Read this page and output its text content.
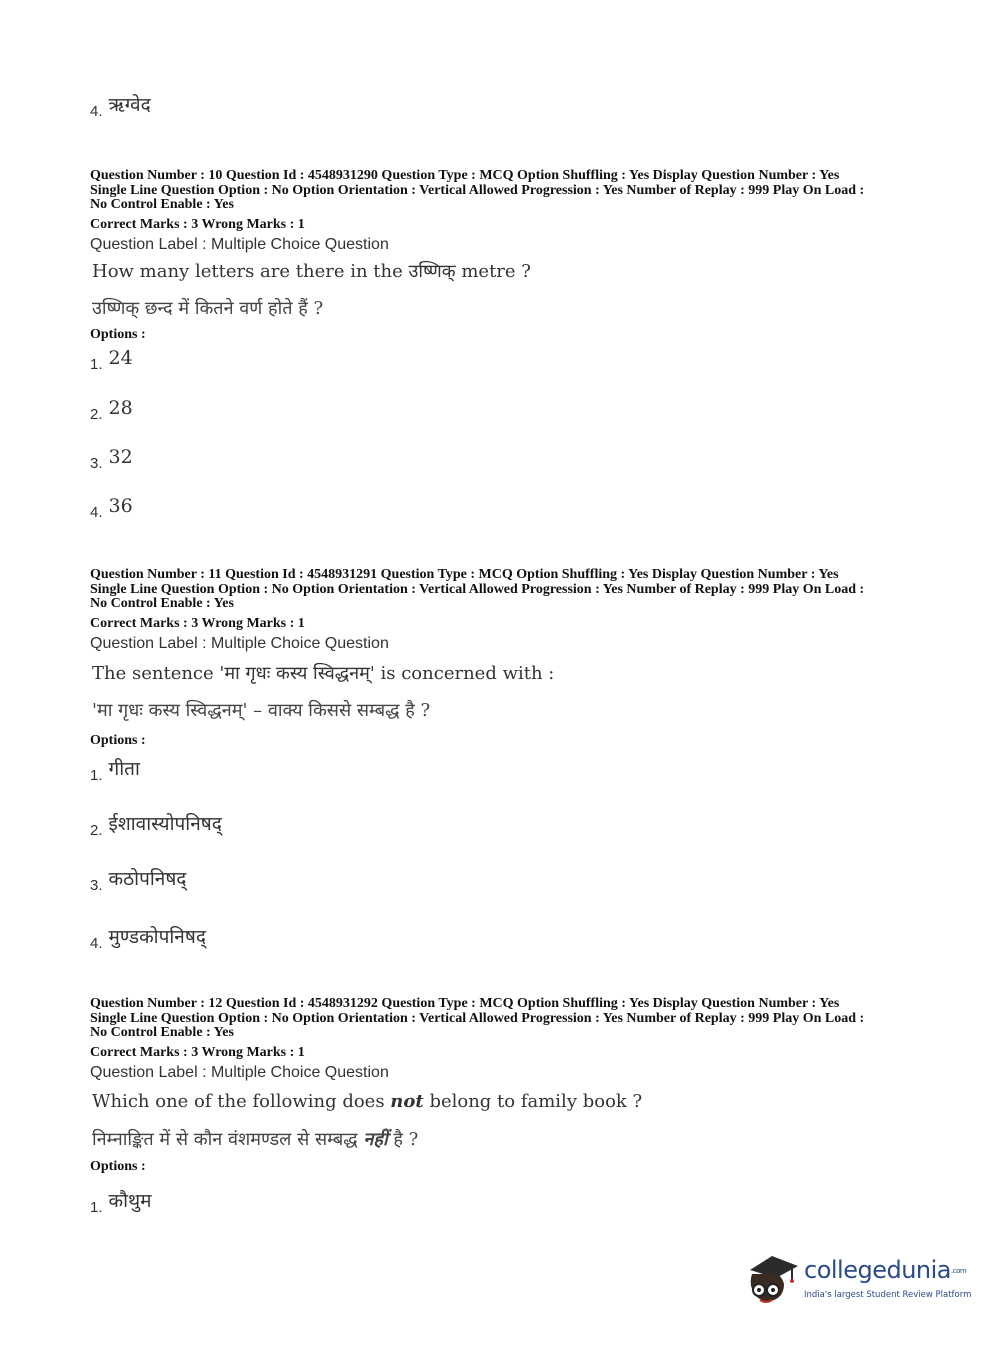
4. ऋग्वेद
Question Number : 10 Question Id : 4548931290 Question Type : MCQ Option Shuffling : Yes Display Question Number : Yes
Single Line Question Option : No Option Orientation : Vertical Allowed Progression : Yes Number of Replay : 999 Play On Load :
No Control Enable : Yes
Correct Marks : 3 Wrong Marks : 1
Question Label : Multiple Choice Question
How many letters are there in the उष्णिक् metre ?
उष्णिक् छन्द में कितने वर्ण होते हैं ?
Options :
1. 24
2. 28
3. 32
4. 36
Question Number : 11 Question Id : 4548931291 Question Type : MCQ Option Shuffling : Yes Display Question Number : Yes
Single Line Question Option : No Option Orientation : Vertical Allowed Progression : Yes Number of Replay : 999 Play On Load :
No Control Enable : Yes
Correct Marks : 3 Wrong Marks : 1
Question Label : Multiple Choice Question
The sentence 'मा गृधः कस्य स्विद्धनम्' is concerned with :
'मा गृधः कस्य स्विद्धनम्' – वाक्य किससे सम्बद्ध है ?
Options :
1. गीता
2. ईशावास्योपनिषद्
3. कठोपनिषद्
4. मुण्डकोपनिषद्
Question Number : 12 Question Id : 4548931292 Question Type : MCQ Option Shuffling : Yes Display Question Number : Yes
Single Line Question Option : No Option Orientation : Vertical Allowed Progression : Yes Number of Replay : 999 Play On Load :
No Control Enable : Yes
Correct Marks : 3 Wrong Marks : 1
Question Label : Multiple Choice Question
Which one of the following does not belong to family book ?
निम्नाङ्कित में से कौन वंशमण्डल से सम्बद्ध नहीं है ?
Options :
1. कौथुम
collegedunia.com
India's largest Student Review Platform
